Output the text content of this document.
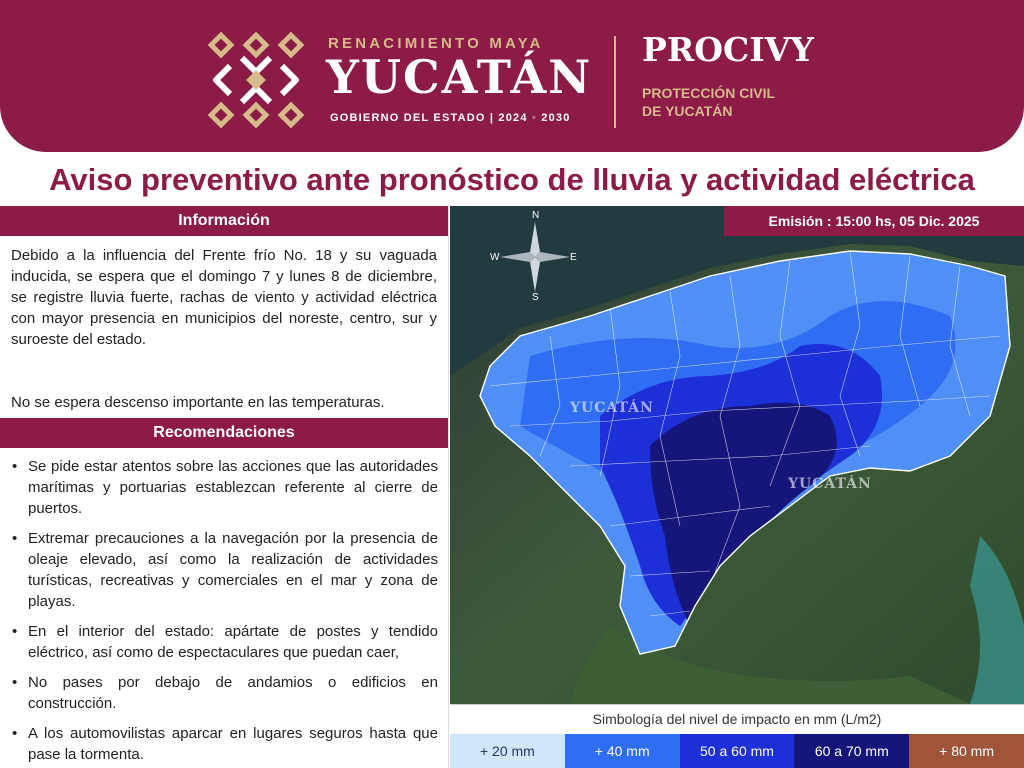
RENACIMIENTO MAYA
YUCATÁN
GOBIERNO DEL ESTADO | 2024 ◦ 2030
PROCIVY
PROTECCIÓN CIVIL
DE YUCATÁN
Aviso preventivo ante pronóstico de lluvia y actividad eléctrica
Información
Debido a la influencia del Frente frío No. 18 y su vaguada inducida, se espera que el domingo 7 y lunes 8 de diciembre, se registre lluvia fuerte, rachas de viento y actividad eléctrica con mayor presencia en municipios del noreste, centro, sur y suroeste del estado.
No se espera descenso importante en las temperaturas.
Recomendaciones
• Se pide estar atentos sobre las acciones que las autoridades marítimas y portuarias establezcan referente al cierre de puertos.
• Extremar precauciones a la navegación por la presencia de oleaje elevado, así como la realización de actividades turísticas, recreativas y comerciales en el mar y zona de playas.
• En el interior del estado: apártate de postes y tendido eléctrico, así como de espectaculares que puedan caer,
• No pases por debajo de andamios o edificios en construcción.
• A los automovilistas aparcar en lugares seguros hasta que pase la tormenta.
Emisión : 15:00 hs, 05 Dic. 2025
N
S
E
W
YUCATÁN
YUCATÁN
Simbología del nivel de impacto en mm (L/m2)
+ 20 mm	+ 40 mm	50 a 60 mm	60 a 70 mm	+ 80 mm
